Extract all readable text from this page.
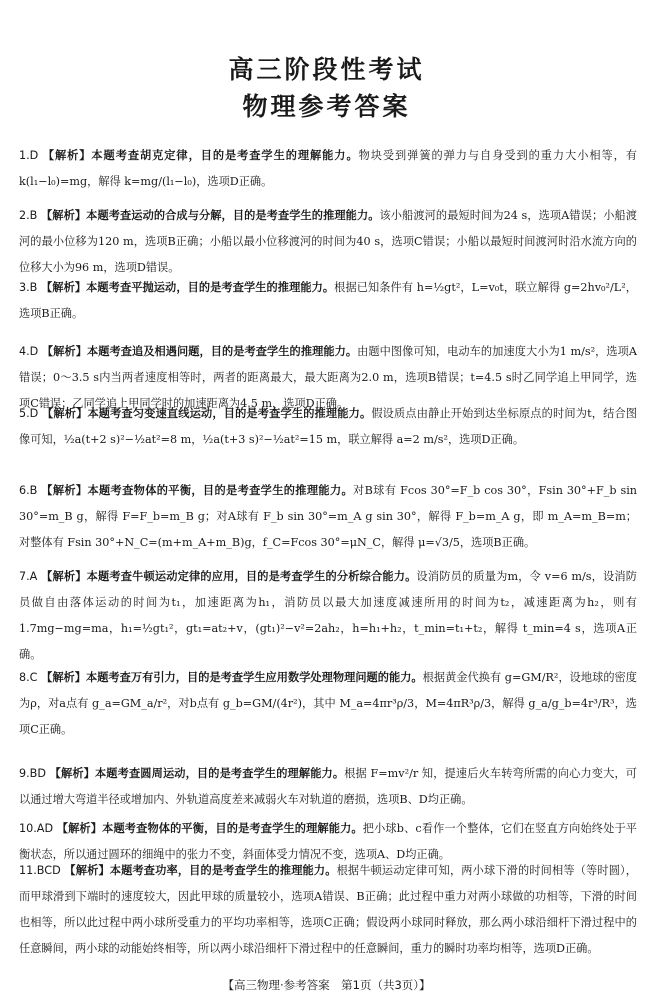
高三阶段性考试
物理参考答案

1.D 【解析】本题考查胡克定律，目的是考查学生的理解能力。物块受到弹簧的弹力与自身受到的重力大小相等，有 k(l₁−l₀)=mg，解得 k=mg/(l₁−l₀)，选项D正确。

2.B 【解析】本题考查运动的合成与分解，目的是考查学生的推理能力。该小船渡河的最短时间为24 s，选项A错误；小船渡河的最小位移为120 m，选项B正确；小船以最小位移渡河的时间为40 s，选项C错误；小船以最短时间渡河时沿水流方向的位移大小为96 m，选项D错误。

3.B 【解析】本题考查平抛运动，目的是考查学生的推理能力。根据已知条件有 h=½gt²，L=v₀t，联立解得 g=2hv₀²/L²，选项B正确。

4.D 【解析】本题考查追及相遇问题，目的是考查学生的推理能力。由题中图像可知，电动车的加速度大小为1 m/s²，选项A错误；0～3.5 s内当两者速度相等时，两者的距离最大，最大距离为2.0 m，选项B错误；t=4.5 s时乙同学追上甲同学，选项C错误；乙同学追上甲同学时的加速距离为4.5 m，选项D正确。

5.D 【解析】本题考查匀变速直线运动，目的是考查学生的推理能力。假设质点由静止开始到达坐标原点的时间为t，结合图像可知，½a(t+2 s)²−½at²=8 m，½a(t+3 s)²−½at²=15 m，联立解得 a=2 m/s²，选项D正确。

6.B 【解析】本题考查物体的平衡，目的是考查学生的推理能力。对B球有 Fcos 30°=F_b cos 30°，Fsin 30°+F_b sin 30°=m_B g，解得 F=F_b=m_B g；对A球有 F_b sin 30°=m_A g sin 30°，解得 F_b=m_A g，即 m_A=m_B=m；对整体有 Fsin 30°+N_C=(m+m_A+m_B)g，f_C=Fcos 30°=μN_C，解得 μ=√3/5，选项B正确。

7.A 【解析】本题考查牛顿运动定律的应用，目的是考查学生的分析综合能力。设消防员的质量为m，令 v=6 m/s，设消防员做自由落体运动的时间为t₁，加速距离为h₁，消防员以最大加速度减速所用的时间为t₂，减速距离为h₂，则有 1.7mg−mg=ma，h₁=½gt₁²，gt₁=at₂+v，(gt₁)²−v²=2ah₂，h=h₁+h₂，t_min=t₁+t₂，解得 t_min=4 s，选项A正确。

8.C 【解析】本题考查万有引力，目的是考查学生应用数学处理物理问题的能力。根据黄金代换有 g=GM/R²，设地球的密度为ρ，对a点有 g_a=GM_a/r²，对b点有 g_b=GM/(4r²)，其中 M_a=4πr³ρ/3，M=4πR³ρ/3，解得 g_a/g_b=4r³/R³，选项C正确。

9.BD 【解析】本题考查圆周运动，目的是考查学生的理解能力。根据 F=mv²/r 知，提速后火车转弯所需的向心力变大，可以通过增大弯道半径或增加内、外轨道高度差来减弱火车对轨道的磨损，选项B、D均正确。

10.AD 【解析】本题考查物体的平衡，目的是考查学生的理解能力。把小球b、c看作一个整体，它们在竖直方向始终处于平衡状态，所以通过圆环的细绳中的张力不变，斜面体受力情况不变，选项A、D均正确。

11.BCD 【解析】本题考查功率，目的是考查学生的推理能力。根据牛顿运动定律可知，两小球下滑的时间相等（等时圆），而甲球滑到下端时的速度较大，因此甲球的质量较小，选项A错误、B正确；此过程中重力对两小球做的功相等，下滑的时间也相等，所以此过程中两小球所受重力的平均功率相等，选项C正确；假设两小球同时释放，那么两小球沿细杆下滑过程中的任意瞬间，两小球的动能始终相等，所以两小球沿细杆下滑过程中的任意瞬间，重力的瞬时功率均相等，选项D正确。

【高三物理·参考答案　第1页（共3页）】
